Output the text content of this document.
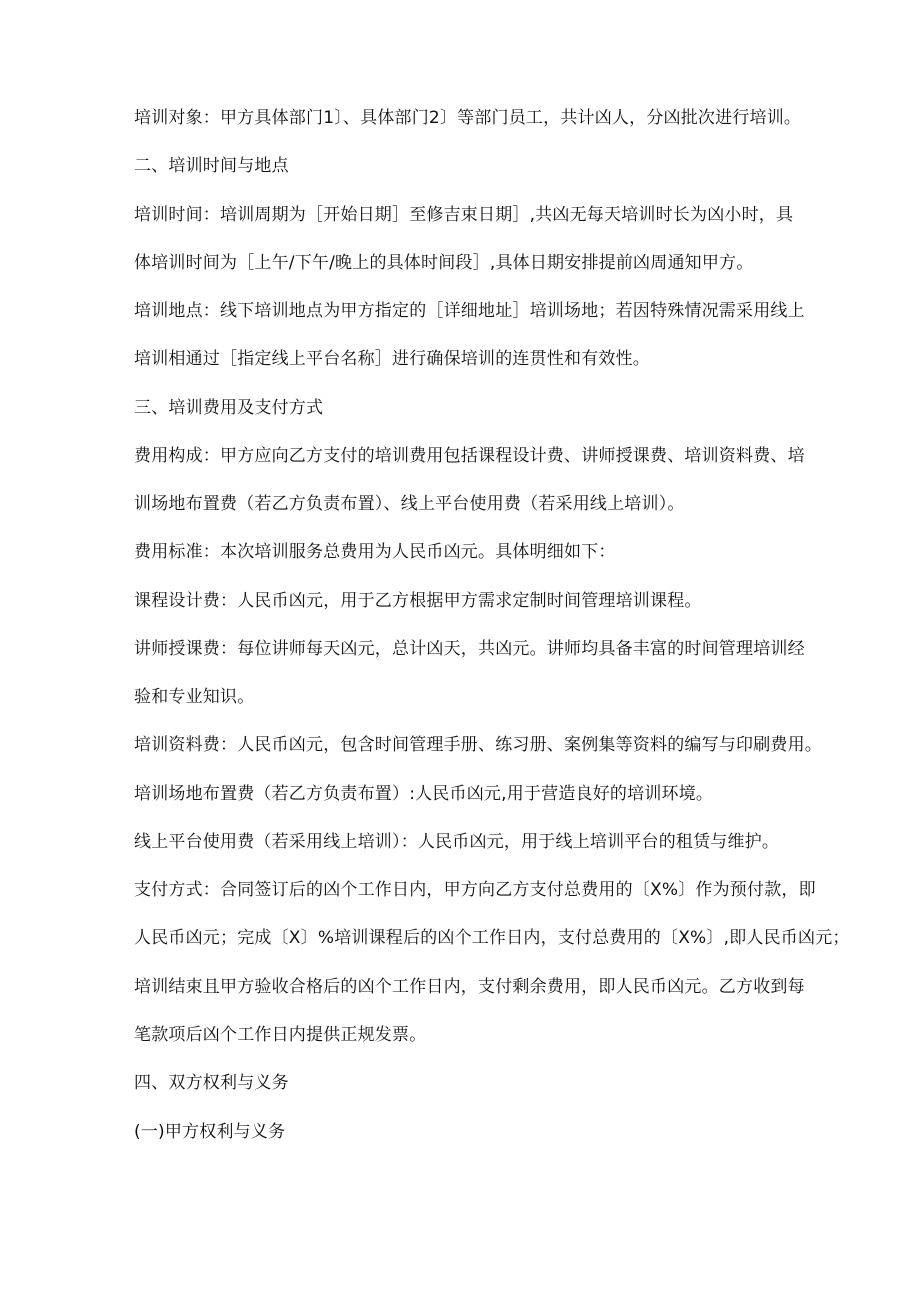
培训对象：甲方具体部门1〕、具体部门2〕等部门员工，共计凶人，分凶批次进行培训。
二、培训时间与地点
培训时间：培训周期为［开始日期］至修吉束日期］,共凶无每天培训时长为凶小时，具
体培训时间为［上午/下午/晚上的具体时间段］,具体日期安排提前凶周通知甲方。
培训地点：线下培训地点为甲方指定的［详细地址］培训场地；若因特殊情况需采用线上
培训相通过［指定线上平台名称］进行确保培训的连贯性和有效性。
三、培训费用及支付方式
费用构成：甲方应向乙方支付的培训费用包括课程设计费、讲师授课费、培训资料费、培
训场地布置费（若乙方负责布置）、线上平台使用费（若采用线上培训）。
费用标准：本次培训服务总费用为人民币凶元。具体明细如下：
课程设计费：人民币凶元，用于乙方根据甲方需求定制时间管理培训课程。
讲师授课费：每位讲师每天凶元，总计凶天，共凶元。讲师均具备丰富的时间管理培训经
验和专业知识。
培训资料费：人民币凶元，包含时间管理手册、练习册、案例集等资料的编写与印刷费用。
培训场地布置费（若乙方负责布置）:人民币凶元,用于营造良好的培训环境。
线上平台使用费（若采用线上培训）：人民币凶元，用于线上培训平台的租赁与维护。
支付方式：合同签订后的凶个工作日内，甲方向乙方支付总费用的〔X%〕作为预付款，即
人民币凶元；完成〔X〕%培训课程后的凶个工作日内，支付总费用的〔X%〕,即人民币凶元；
培训结束且甲方验收合格后的凶个工作日内，支付剩余费用，即人民币凶元。乙方收到每
笔款项后凶个工作日内提供正规发票。
四、双方权利与义务
(一)甲方权利与义务
